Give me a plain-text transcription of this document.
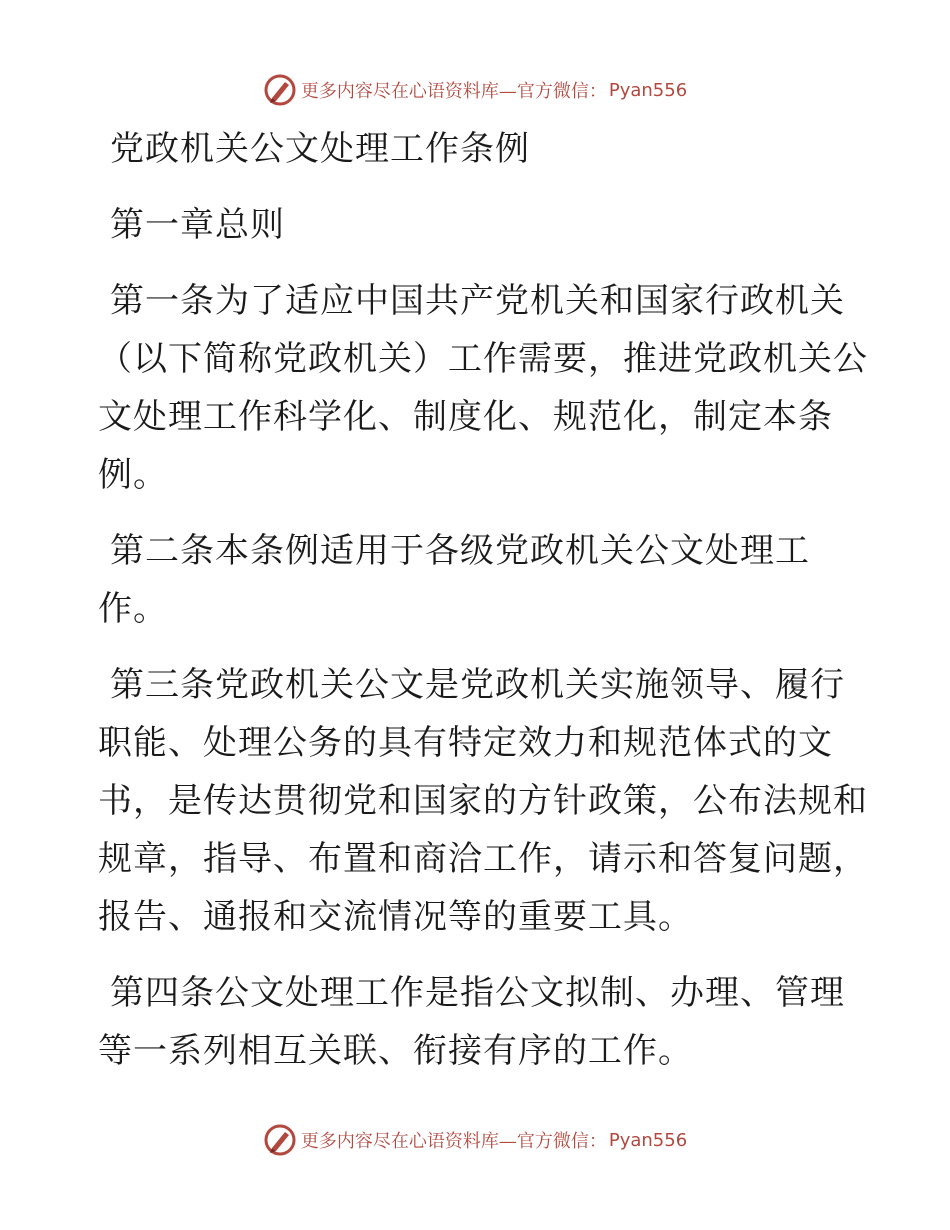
更多内容尽在心语资料库—官方微信： Pyan556
党政机关公文处理工作条例
第一章总则
第一条为了适应中国共产党机关和国家行政机关
（以下简称党政机关）工作需要，推进党政机关公
文处理工作科学化、制度化、规范化，制定本条
例。
第二条本条例适用于各级党政机关公文处理工
作。
第三条党政机关公文是党政机关实施领导、履行
职能、处理公务的具有特定效力和规范体式的文
书，是传达贯彻党和国家的方针政策，公布法规和
规章，指导、布置和商洽工作，请示和答复问题，
报告、通报和交流情况等的重要工具。
第四条公文处理工作是指公文拟制、办理、管理
等一系列相互关联、衔接有序的工作。
更多内容尽在心语资料库—官方微信： Pyan556
